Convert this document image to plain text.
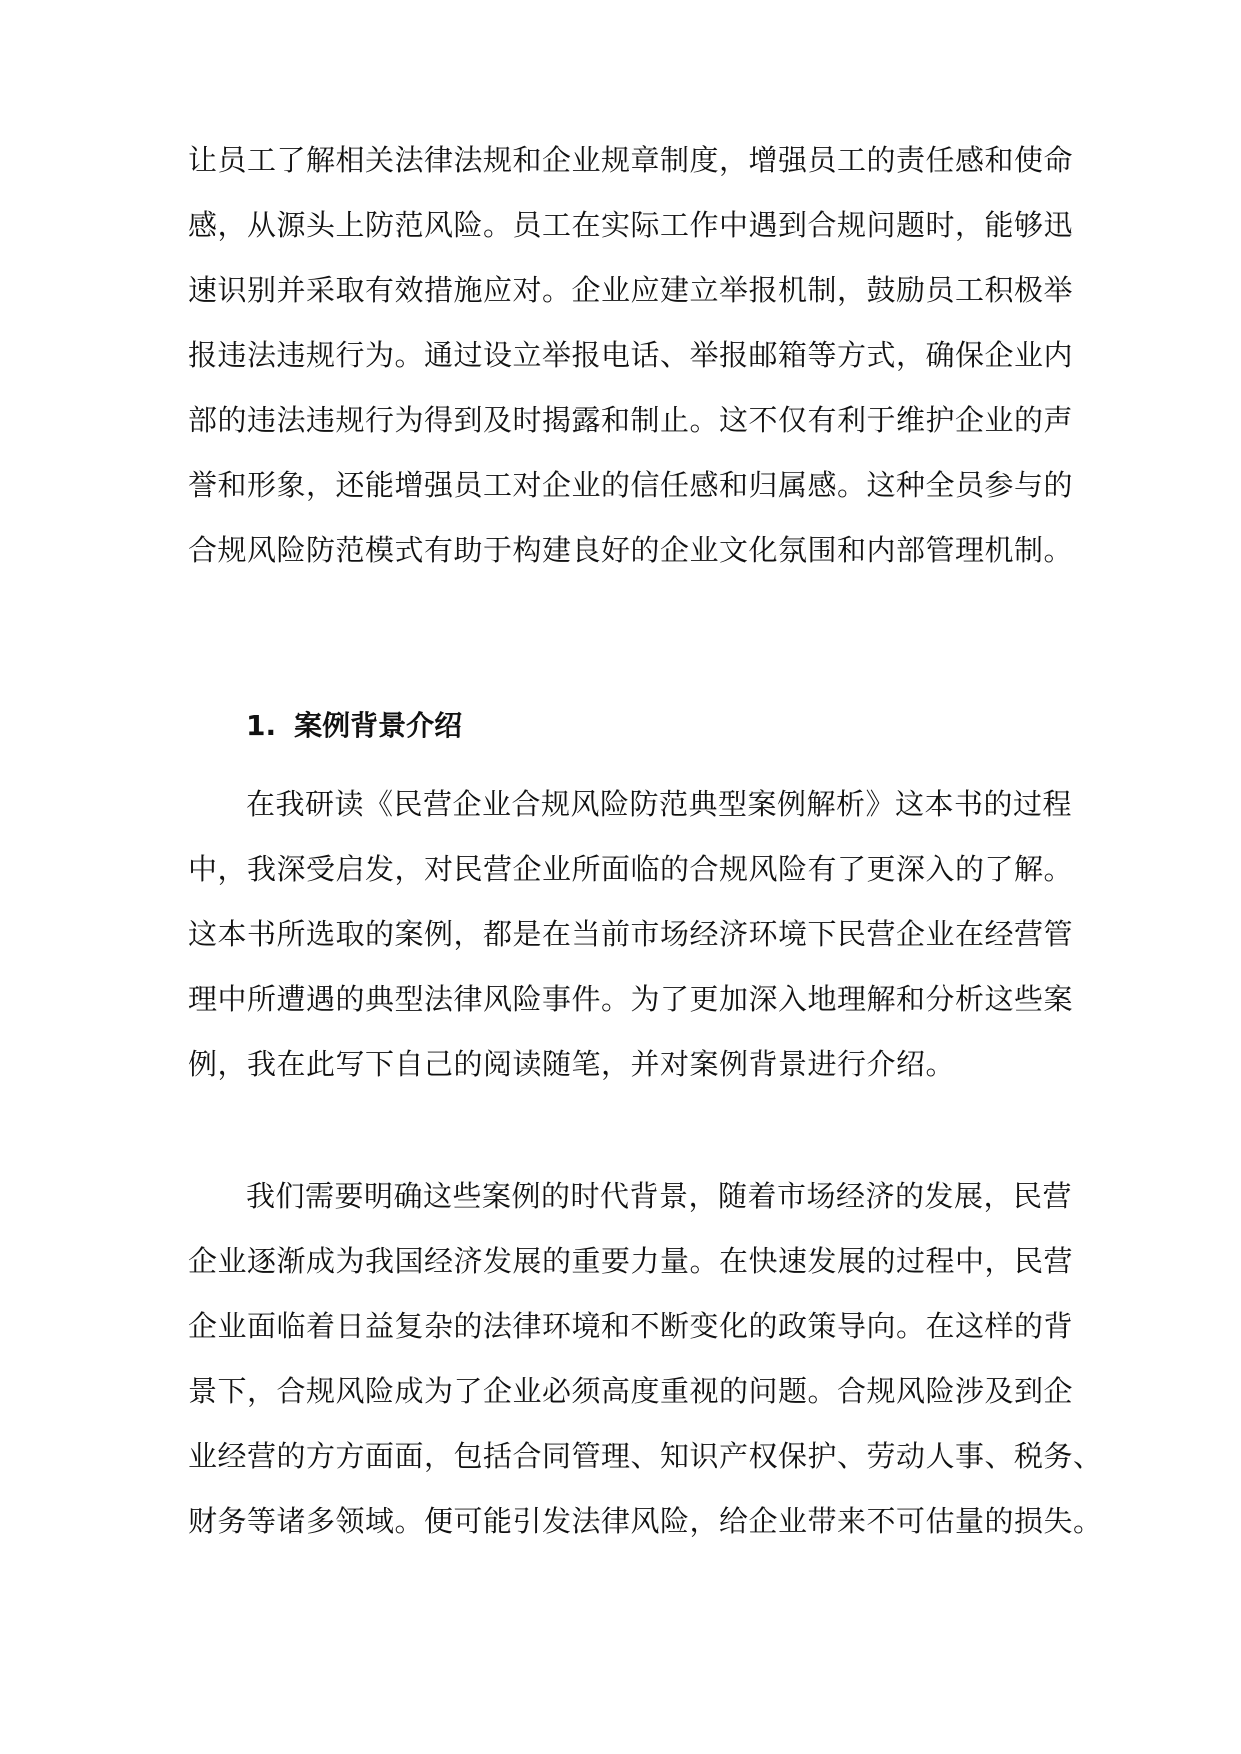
让员工了解相关法律法规和企业规章制度，增强员工的责任感和使命
感，从源头上防范风险。员工在实际工作中遇到合规问题时，能够迅
速识别并采取有效措施应对。企业应建立举报机制，鼓励员工积极举
报违法违规行为。通过设立举报电话、举报邮箱等方式，确保企业内
部的违法违规行为得到及时揭露和制止。这不仅有利于维护企业的声
誉和形象，还能增强员工对企业的信任感和归属感。这种全员参与的
合规风险防范模式有助于构建良好的企业文化氛围和内部管理机制。
1. 案例背景介绍
在我研读《民营企业合规风险防范典型案例解析》这本书的过程
中，我深受启发，对民营企业所面临的合规风险有了更深入的了解。
这本书所选取的案例，都是在当前市场经济环境下民营企业在经营管
理中所遭遇的典型法律风险事件。为了更加深入地理解和分析这些案
例，我在此写下自己的阅读随笔，并对案例背景进行介绍。
我们需要明确这些案例的时代背景，随着市场经济的发展，民营
企业逐渐成为我国经济发展的重要力量。在快速发展的过程中，民营
企业面临着日益复杂的法律环境和不断变化的政策导向。在这样的背
景下，合规风险成为了企业必须高度重视的问题。合规风险涉及到企
业经营的方方面面，包括合同管理、知识产权保护、劳动人事、税务、
财务等诸多领域。便可能引发法律风险，给企业带来不可估量的损失。
